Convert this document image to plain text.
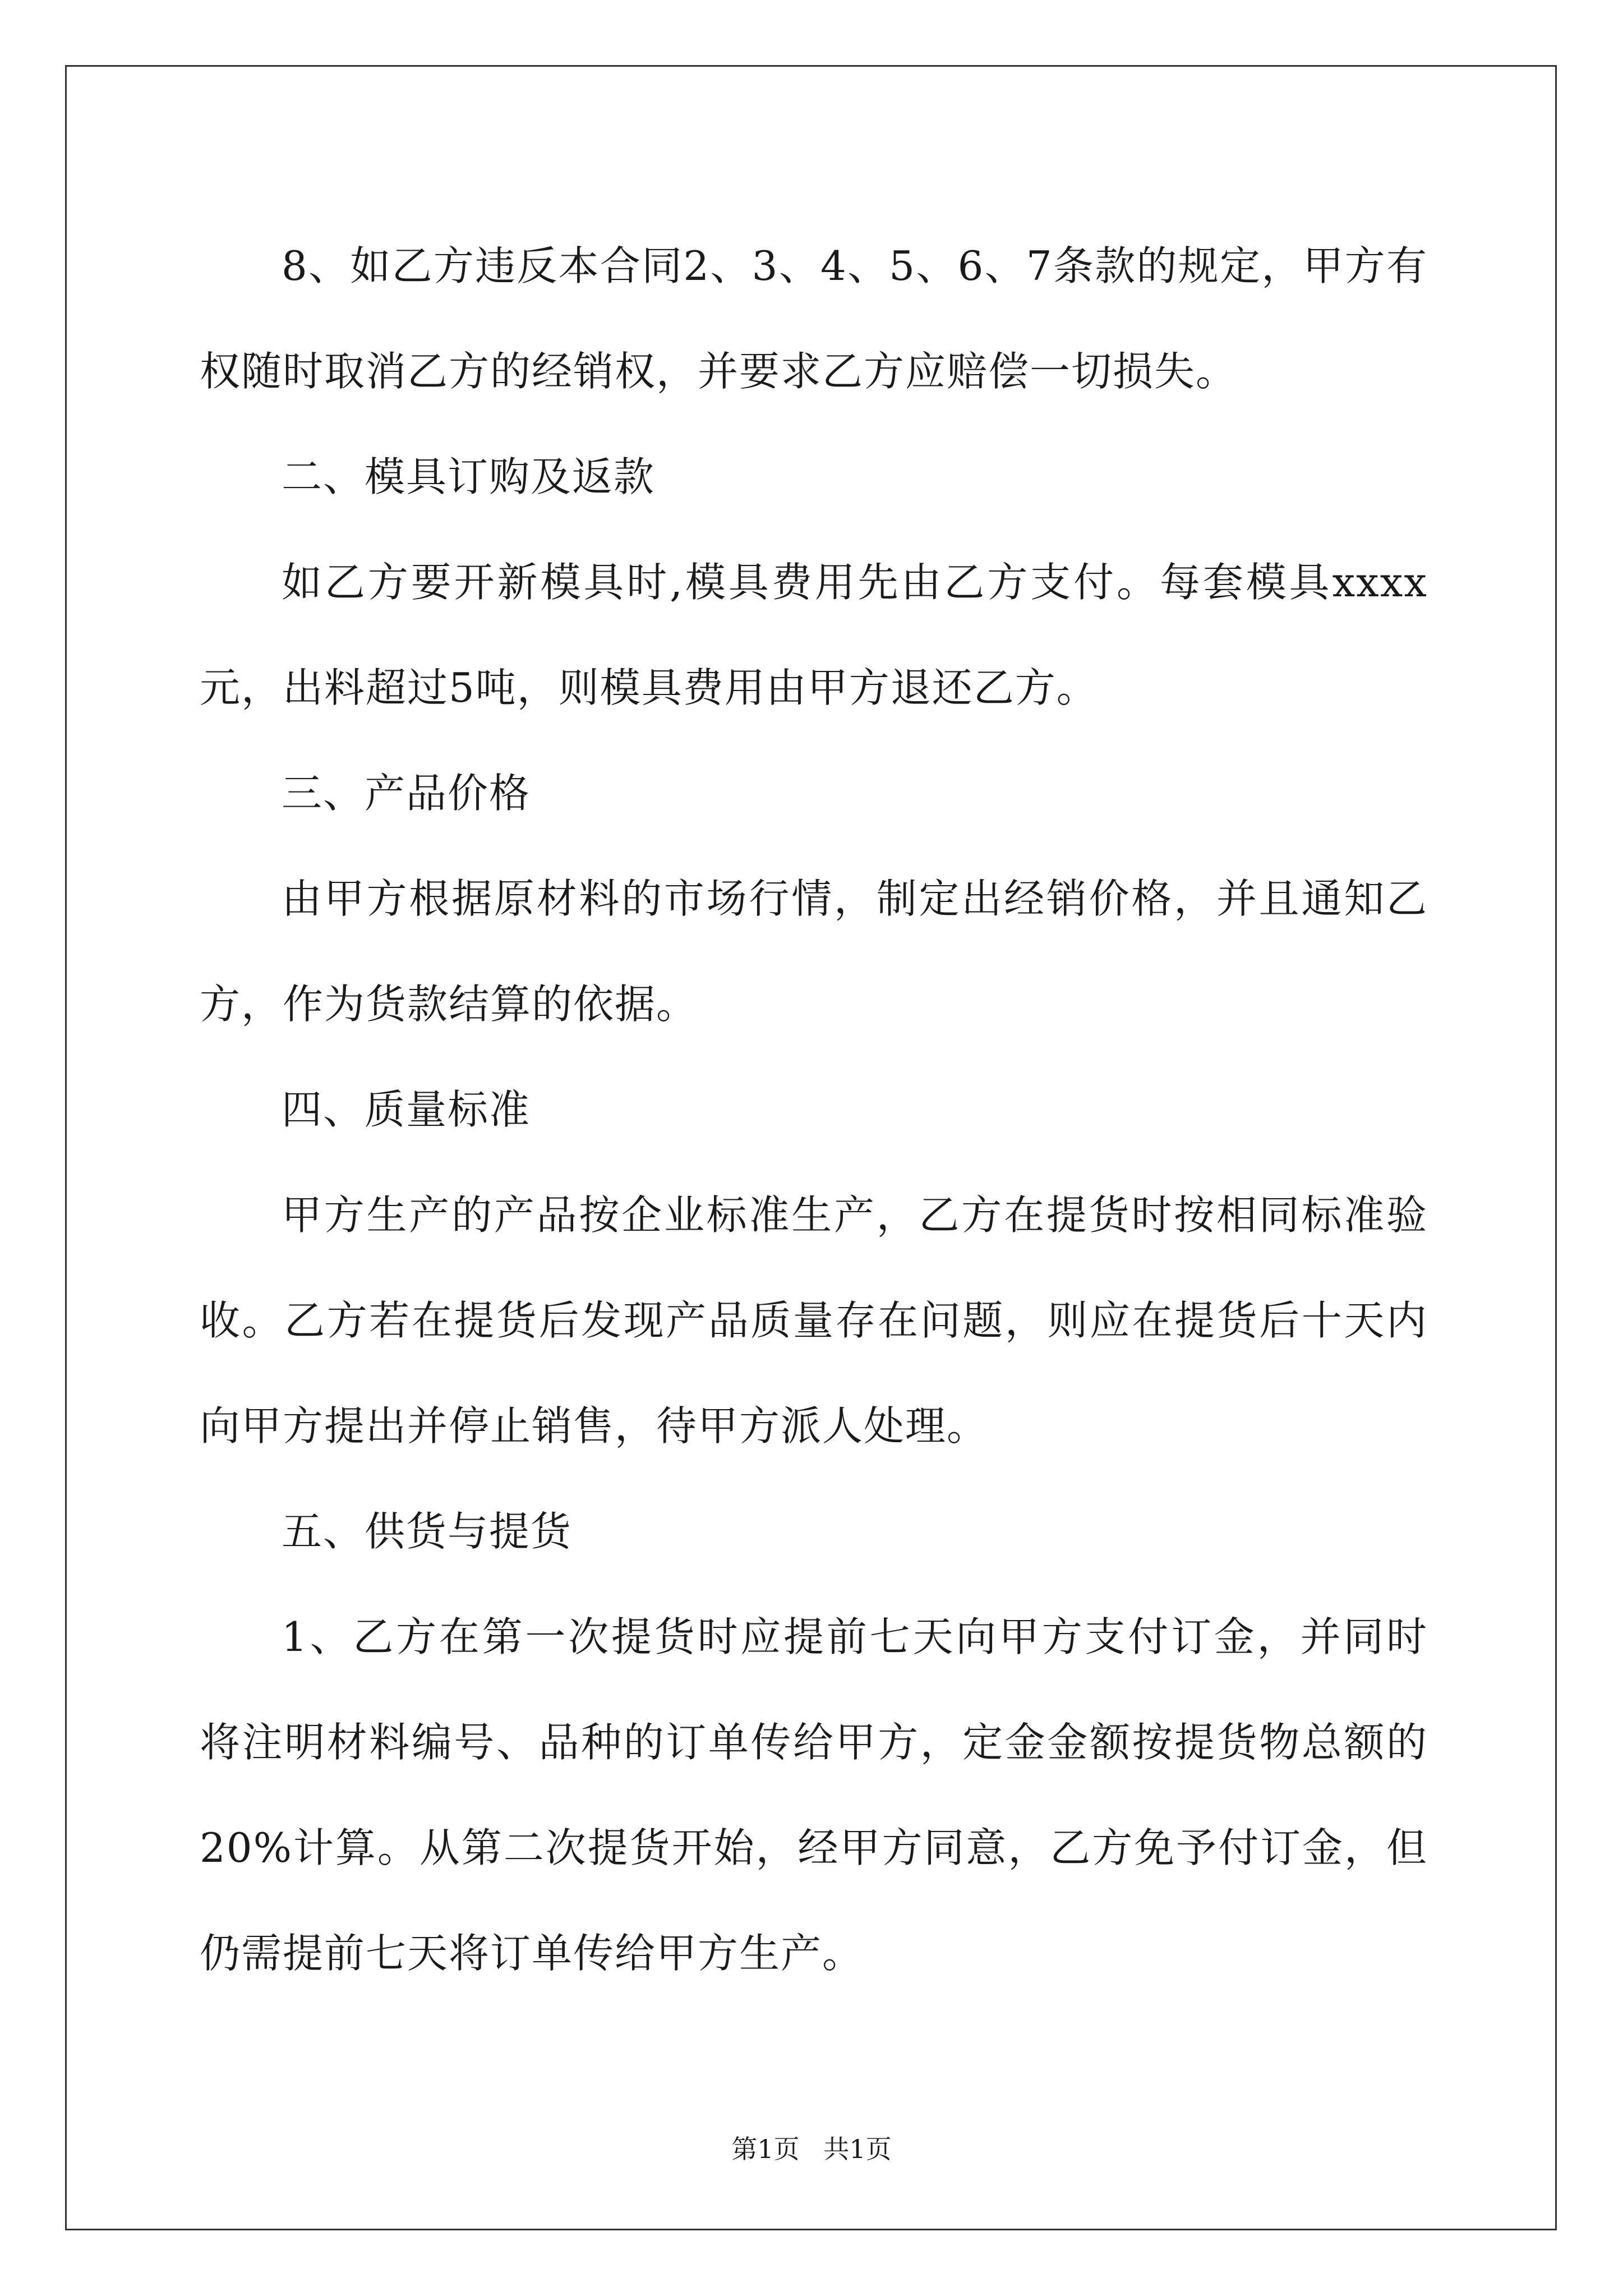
8、如乙方违反本合同2、3、4、5、6、7条款的规定，甲方有权随时取消乙方的经销权，并要求乙方应赔偿一切损失。

二、模具订购及返款

如乙方要开新模具时,模具费用先由乙方支付。每套模具xxxx元，出料超过5吨，则模具费用由甲方退还乙方。

三、产品价格

由甲方根据原材料的市场行情，制定出经销价格，并且通知乙方，作为货款结算的依据。

四、质量标准

甲方生产的产品按企业标准生产，乙方在提货时按相同标准验收。乙方若在提货后发现产品质量存在问题，则应在提货后十天内向甲方提出并停止销售，待甲方派人处理。

五、供货与提货

1、乙方在第一次提货时应提前七天向甲方支付订金，并同时将注明材料编号、品种的订单传给甲方，定金金额按提货物总额的20%计算。从第二次提货开始，经甲方同意，乙方免予付订金，但仍需提前七天将订单传给甲方生产。

第1页 共1页
